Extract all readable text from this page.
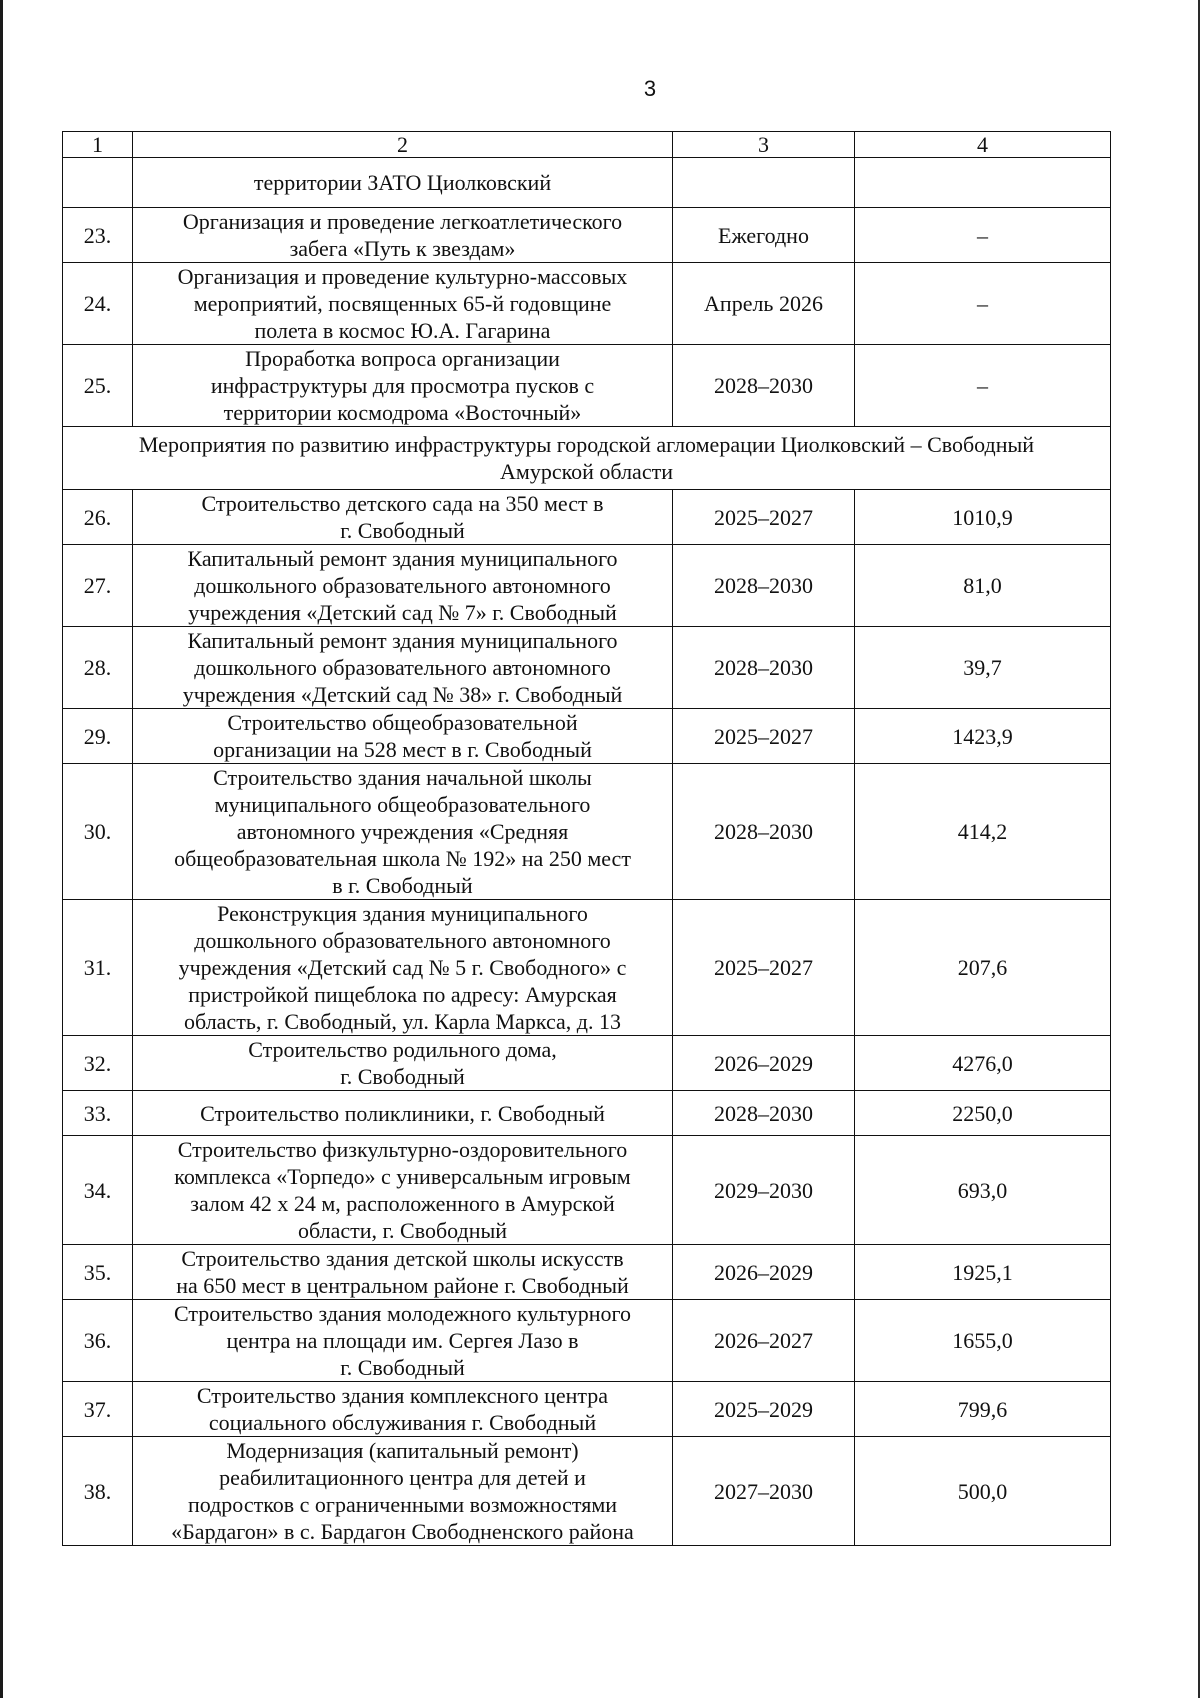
3
1	2	3	4

	территории ЗАТО Циолковский		

23.	Организация и проведение легкоатлетического
забега «Путь к звездам»	Ежегодно	–
24.	Организация и проведение культурно-массовых
мероприятий, посвященных 65-й годовщине
полета в космос Ю.А. Гагарина	Апрель 2026	–
25.	Проработка вопроса организации
инфраструктуры для просмотра пусков с
территории космодрома «Восточный»	2028–2030	–

Мероприятия по развитию инфраструктуры городской агломерации Циолковский – Свободный
Амурской области			

26.	Строительство детского сада на 350 мест в
г. Свободный	2025–2027	1010,9
27.	Капитальный ремонт здания муниципального
дошкольного образовательного автономного
учреждения «Детский сад № 7» г. Свободный	2028–2030	81,0
28.	Капитальный ремонт здания муниципального
дошкольного образовательного автономного
учреждения «Детский сад № 38» г. Свободный	2028–2030	39,7
29.	Строительство общеобразовательной
организации на 528 мест в г. Свободный	2025–2027	1423,9
30.	Строительство здания начальной школы
муниципального общеобразовательного
автономного учреждения «Средняя
общеобразовательная школа № 192» на 250 мест
в г. Свободный	2028–2030	414,2
31.	Реконструкция здания муниципального
дошкольного образовательного автономного
учреждения «Детский сад № 5 г. Свободного» с
пристройкой пищеблока по адресу: Амурская
область, г. Свободный, ул. Карла Маркса, д. 13	2025–2027	207,6
32.	Строительство родильного дома,
г. Свободный	2026–2029	4276,0
33.	Строительство поликлиники, г. Свободный	2028–2030	2250,0
34.	Строительство физкультурно-оздоровительного
комплекса «Торпедо» с универсальным игровым
залом 42 х 24 м, расположенного в Амурской
области, г. Свободный	2029–2030	693,0
35.	Строительство здания детской школы искусств
на 650 мест в центральном районе г. Свободный	2026–2029	1925,1
36.	Строительство здания молодежного культурного
центра на площади им. Сергея Лазо в
г. Свободный	2026–2027	1655,0
37.	Строительство здания комплексного центра
социального обслуживания г. Свободный	2025–2029	799,6
38.	Модернизация (капитальный ремонт)
реабилитационного центра для детей и
подростков с ограниченными возможностями
«Бардагон» в с. Бардагон Свободненского района	2027–2030	500,0
